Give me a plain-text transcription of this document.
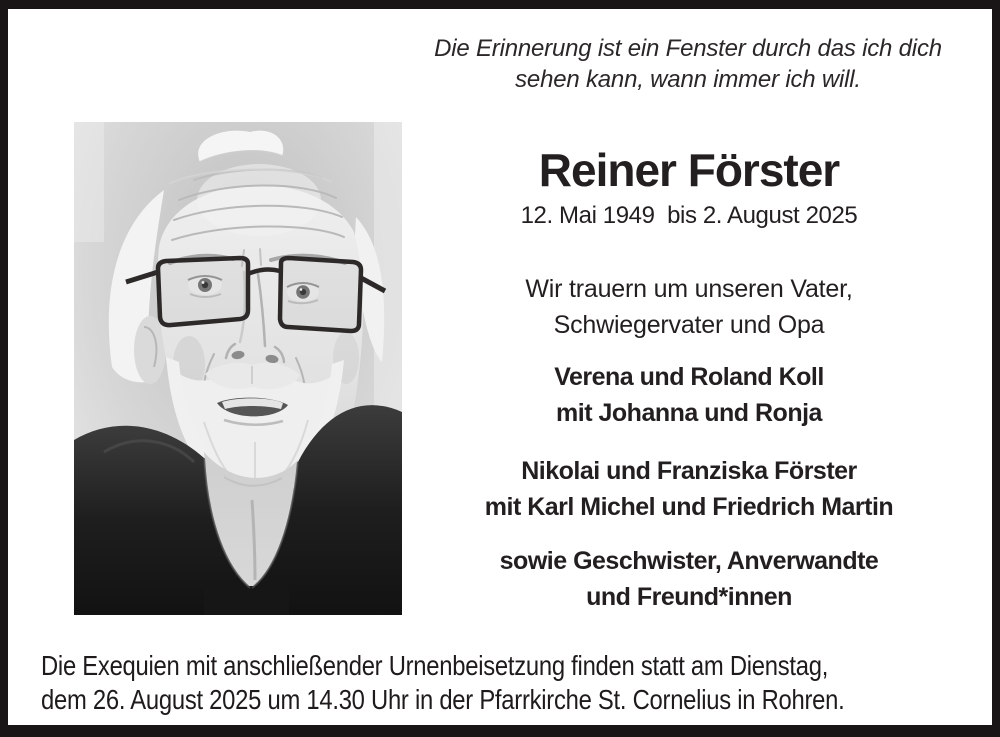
Die Erinnerung ist ein Fenster durch das ich dich
sehen kann, wann immer ich will.
Reiner Förster
12. Mai 1949  bis 2. August 2025
Wir trauern um unseren Vater,
Schwiegervater und Opa
Verena und Roland Koll
mit Johanna und Ronja
Nikolai und Franziska Förster
mit Karl Michel und Friedrich Martin
sowie Geschwister, Anverwandte
und Freund*innen
Die Exequien mit anschließender Urnenbeisetzung finden statt am Dienstag,
dem 26. August 2025 um 14.30 Uhr in der Pfarrkirche St. Cornelius in Rohren.
